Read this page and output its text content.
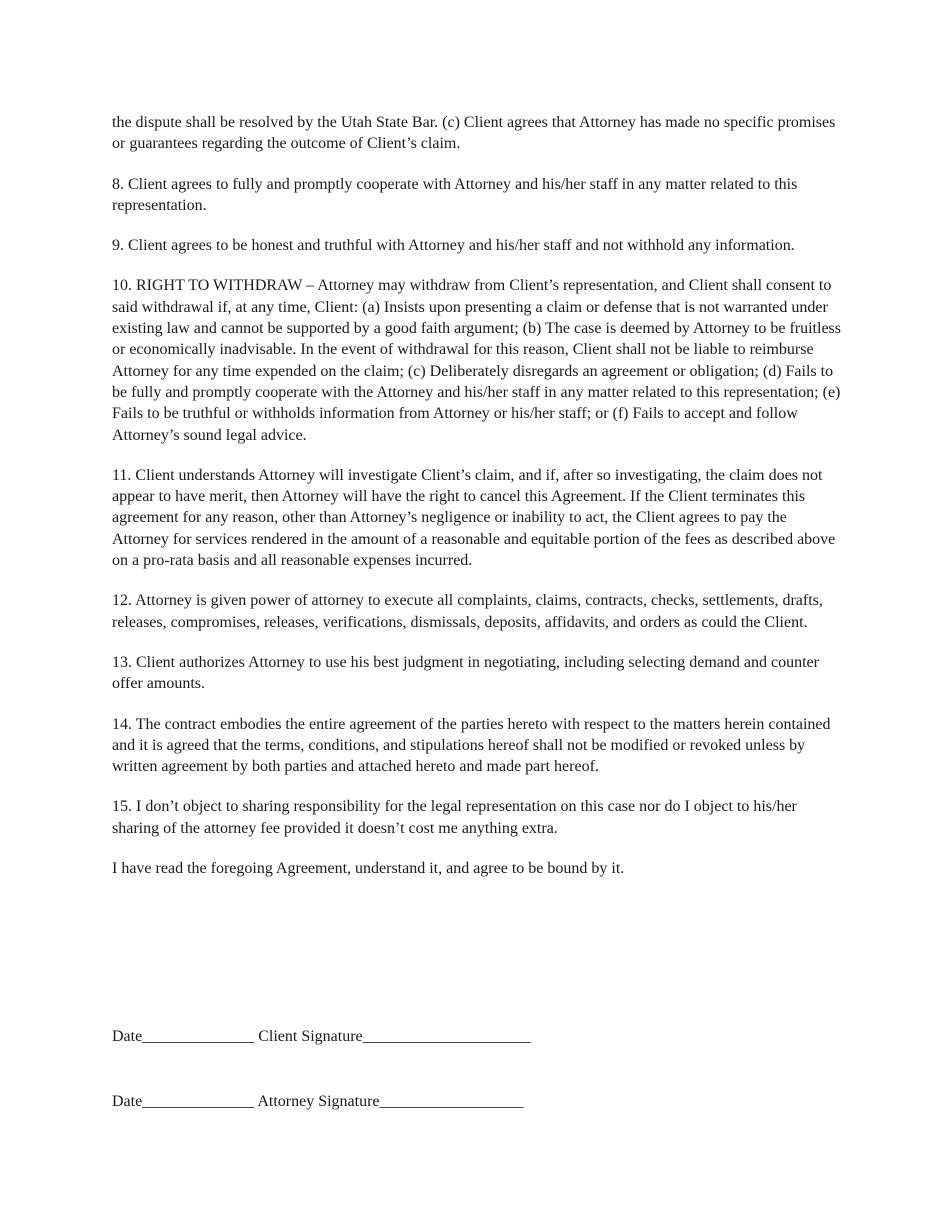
the dispute shall be resolved by the Utah State Bar. (c) Client agrees that Attorney has made no specific promises or guarantees regarding the outcome of Client’s claim.

8. Client agrees to fully and promptly cooperate with Attorney and his/her staff in any matter related to this representation.

9. Client agrees to be honest and truthful with Attorney and his/her staff and not withhold any information.

10. RIGHT TO WITHDRAW – Attorney may withdraw from Client’s representation, and Client shall consent to said withdrawal if, at any time, Client: (a) Insists upon presenting a claim or defense that is not warranted under existing law and cannot be supported by a good faith argument; (b) The case is deemed by Attorney to be fruitless or economically inadvisable. In the event of withdrawal for this reason, Client shall not be liable to reimburse Attorney for any time expended on the claim; (c) Deliberately disregards an agreement or obligation; (d) Fails to be fully and promptly cooperate with the Attorney and his/her staff in any matter related to this representation; (e) Fails to be truthful or withholds information from Attorney or his/her staff; or (f) Fails to accept and follow Attorney’s sound legal advice.

11. Client understands Attorney will investigate Client’s claim, and if, after so investigating, the claim does not appear to have merit, then Attorney will have the right to cancel this Agreement. If the Client terminates this agreement for any reason, other than Attorney’s negligence or inability to act, the Client agrees to pay the Attorney for services rendered in the amount of a reasonable and equitable portion of the fees as described above on a pro-rata basis and all reasonable expenses incurred.

12. Attorney is given power of attorney to execute all complaints, claims, contracts, checks, settlements, drafts, releases, compromises, releases, verifications, dismissals, deposits, affidavits, and orders as could the Client.

13. Client authorizes Attorney to use his best judgment in negotiating, including selecting demand and counter offer amounts.

14. The contract embodies the entire agreement of the parties hereto with respect to the matters herein contained and it is agreed that the terms, conditions, and stipulations hereof shall not be modified or revoked unless by written agreement by both parties and attached hereto and made part hereof.

15. I don’t object to sharing responsibility for the legal representation on this case nor do I object to his/her sharing of the attorney fee provided it doesn’t cost me anything extra.

I have read the foregoing Agreement, understand it, and agree to be bound by it.

Date______________ Client Signature_____________________
Date______________ Attorney Signature__________________
